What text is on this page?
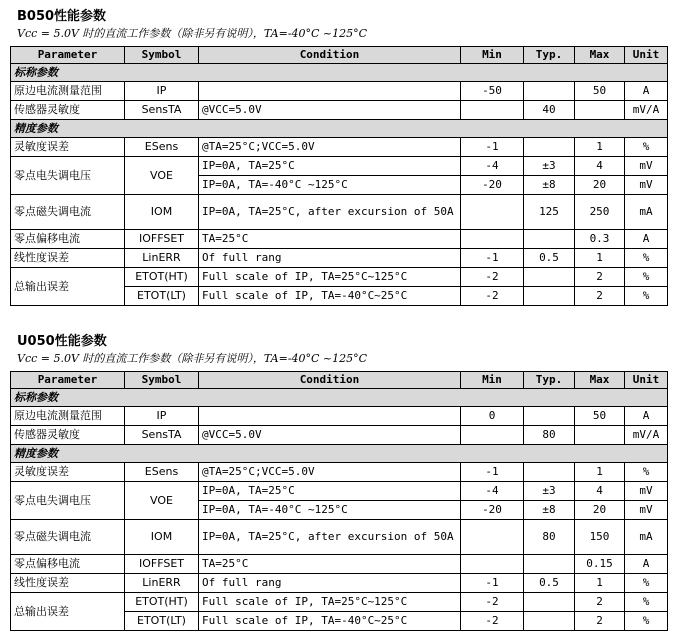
B050性能参数
Vcc = 5.0V 时的直流工作参数（除非另有说明），TA=-40°C ~125°C
Parameter	Symbol	Condition	Min	Typ.	Max	Unit
标称参数						
原边电流测量范围	IP		-50		50	A
传感器灵敏度	SensTA	@VCC=5.0V		40		mV/A
精度参数						
灵敏度误差	ESens	@TA=25°C;VCC=5.0V	-1		1	%
零点电失调电压	VOE	IP=0A, TA=25°C	-4	±3	4	mV
		IP=0A, TA=-40°C ~125°C	-20	±8	20	mV
零点磁失调电流	IOM	IP=0A, TA=25°C, after excursion of 50A		125	250	mA
零点偏移电流	IOFFSET	TA=25°C			0.3	A
线性度误差	LinERR	Of full rang	-1	0.5	1	%
总输出误差	ETOT(HT)	Full scale of IP, TA=25°C~125°C	-2		2	%
	ETOT(LT)	Full scale of IP, TA=-40°C~25°C	-2		2	%
U050性能参数
Vcc = 5.0V 时的直流工作参数（除非另有说明），TA=-40°C ~125°C
Parameter	Symbol	Condition	Min	Typ.	Max	Unit
标称参数						
原边电流测量范围	IP		0		50	A
传感器灵敏度	SensTA	@VCC=5.0V		80		mV/A
精度参数						
灵敏度误差	ESens	@TA=25°C;VCC=5.0V	-1		1	%
零点电失调电压	VOE	IP=0A, TA=25°C	-4	±3	4	mV
		IP=0A, TA=-40°C ~125°C	-20	±8	20	mV
零点磁失调电流	IOM	IP=0A, TA=25°C, after excursion of 50A		80	150	mA
零点偏移电流	IOFFSET	TA=25°C			0.15	A
线性度误差	LinERR	Of full rang	-1	0.5	1	%
总输出误差	ETOT(HT)	Full scale of IP, TA=25°C~125°C	-2		2	%
	ETOT(LT)	Full scale of IP, TA=-40°C~25°C	-2		2	%
